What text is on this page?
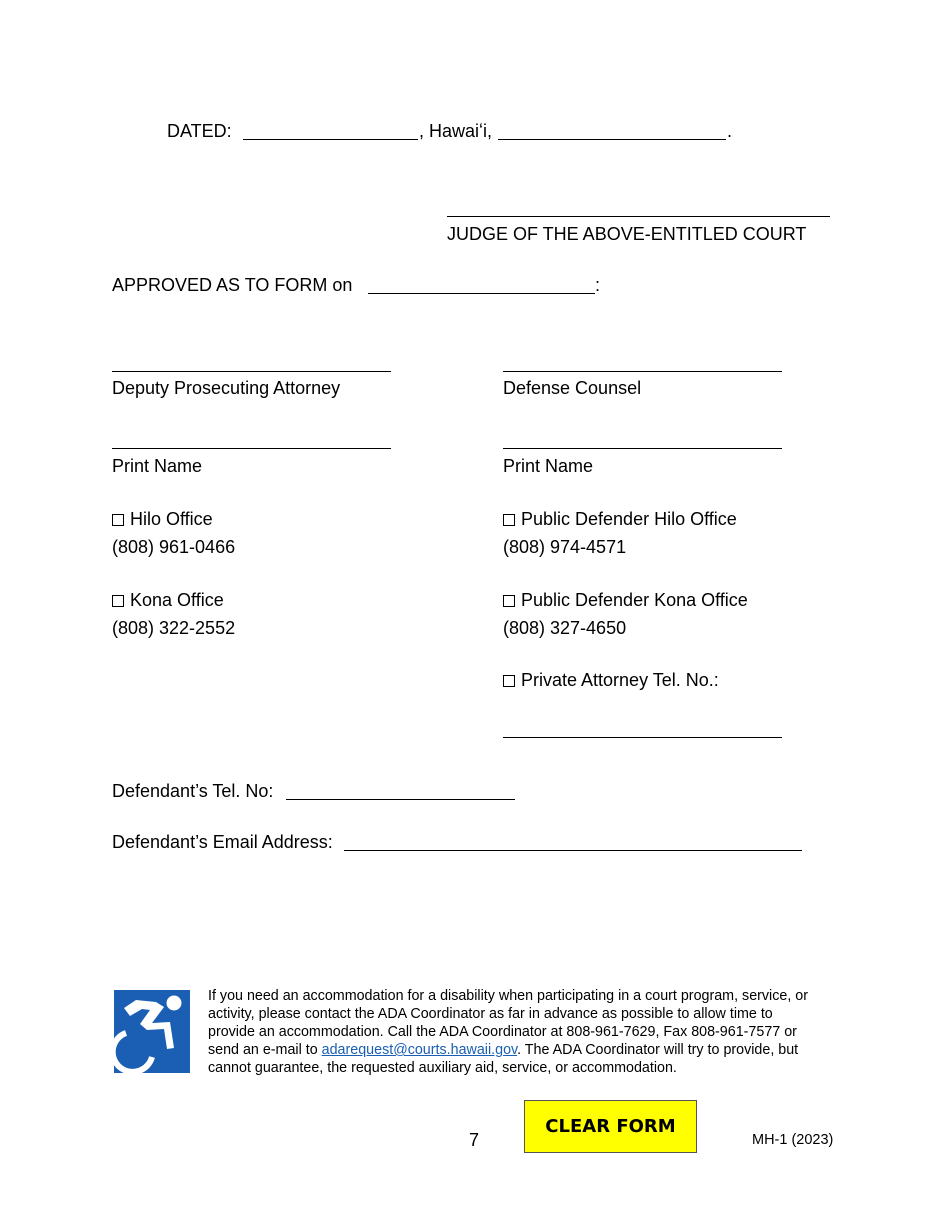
DATED:	, Hawaiʻi,	.
JUDGE OF THE ABOVE-ENTITLED COURT
APPROVED AS TO FORM on	:
Deputy Prosecuting Attorney
Print Name
Hilo Office
(808) 961-0466
Kona Office
(808) 322-2552
Defense Counsel
Print Name
Public Defender Hilo Office
(808) 974-4571
Public Defender Kona Office
(808) 327-4650
Private Attorney Tel. No.:
Defendant’s Tel. No:
Defendant’s Email Address:
If you need an accommodation for a disability when participating in a court program, service, or activity, please contact the ADA Coordinator as far in advance as possible to allow time to provide an accommodation. Call the ADA Coordinator at 808-961-7629, Fax 808-961-7577 or send an e-mail to adarequest@courts.hawaii.gov. The ADA Coordinator will try to provide, but cannot guarantee, the requested auxiliary aid, service, or accommodation.
7
CLEAR FORM
MH-1 (2023)
